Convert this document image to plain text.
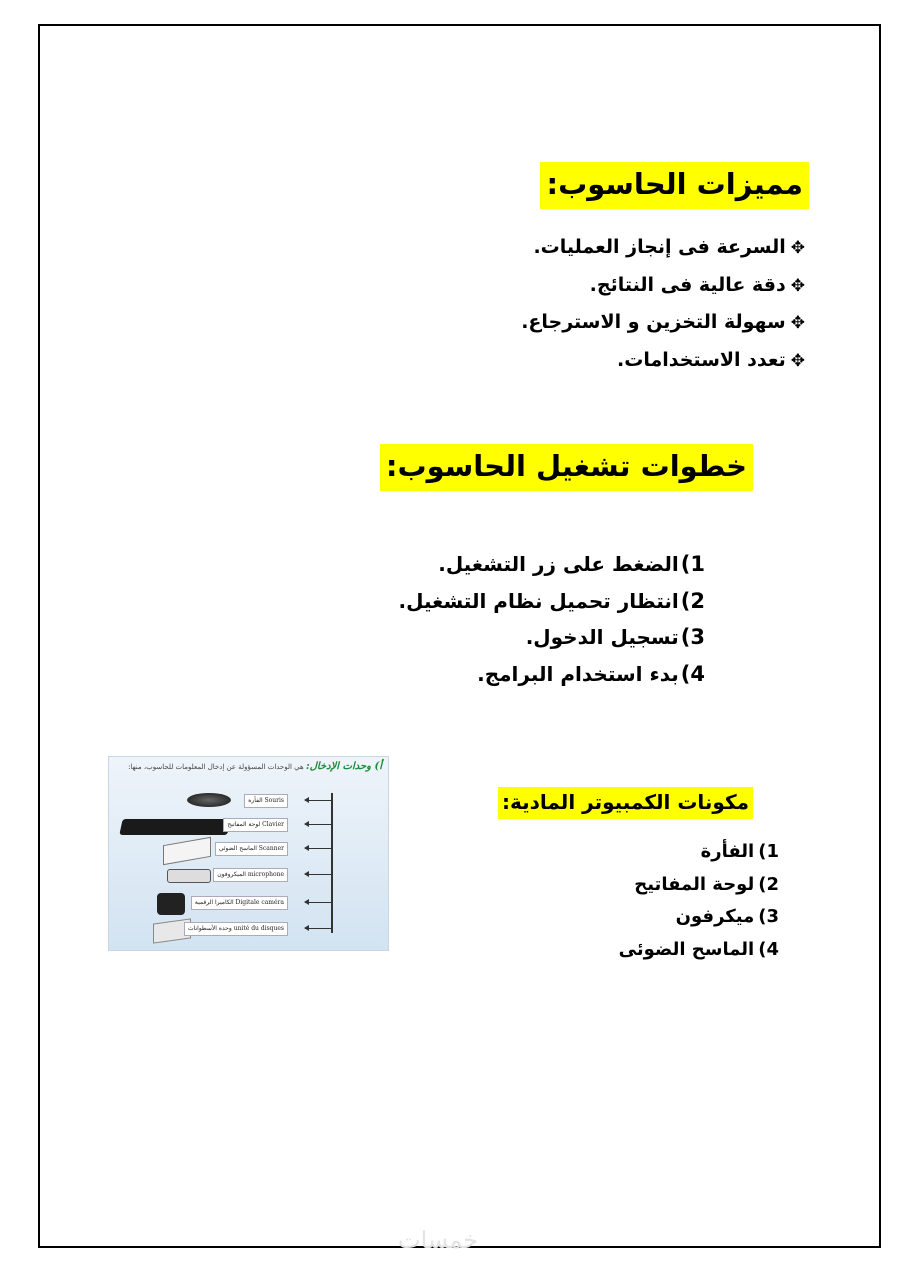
مميزات الحاسوب:
✥السرعة فى إنجاز العمليات.
✥دقة عالية فى النتائج.
✥سهولة التخزين و الاسترجاع.
✥تعدد الاستخدامات.
خطوات تشغيل الحاسوب:
1)الضغط على زر التشغيل.
2)انتظار تحميل نظام التشغيل.
3)تسجيل الدخول.
4)بدء استخدام البرامج.
مكونات الكمبيوتر المادية:
1)الفأرة
2)لوحة المفاتيح
3)ميكرفون
4)الماسح الضوئى
أ) وحدات الإدخال: هي الوحدات المسؤولة عن إدخال المعلومات للحاسوب، منها:
الفأرة Souris
لوحة المفاتيح Clavier
الماسح الضوئي Scanner
الميكروفون microphone
الكاميرا الرقمية Digitale caméra
وحدة الأسطوانات unité du disques
خمسات
